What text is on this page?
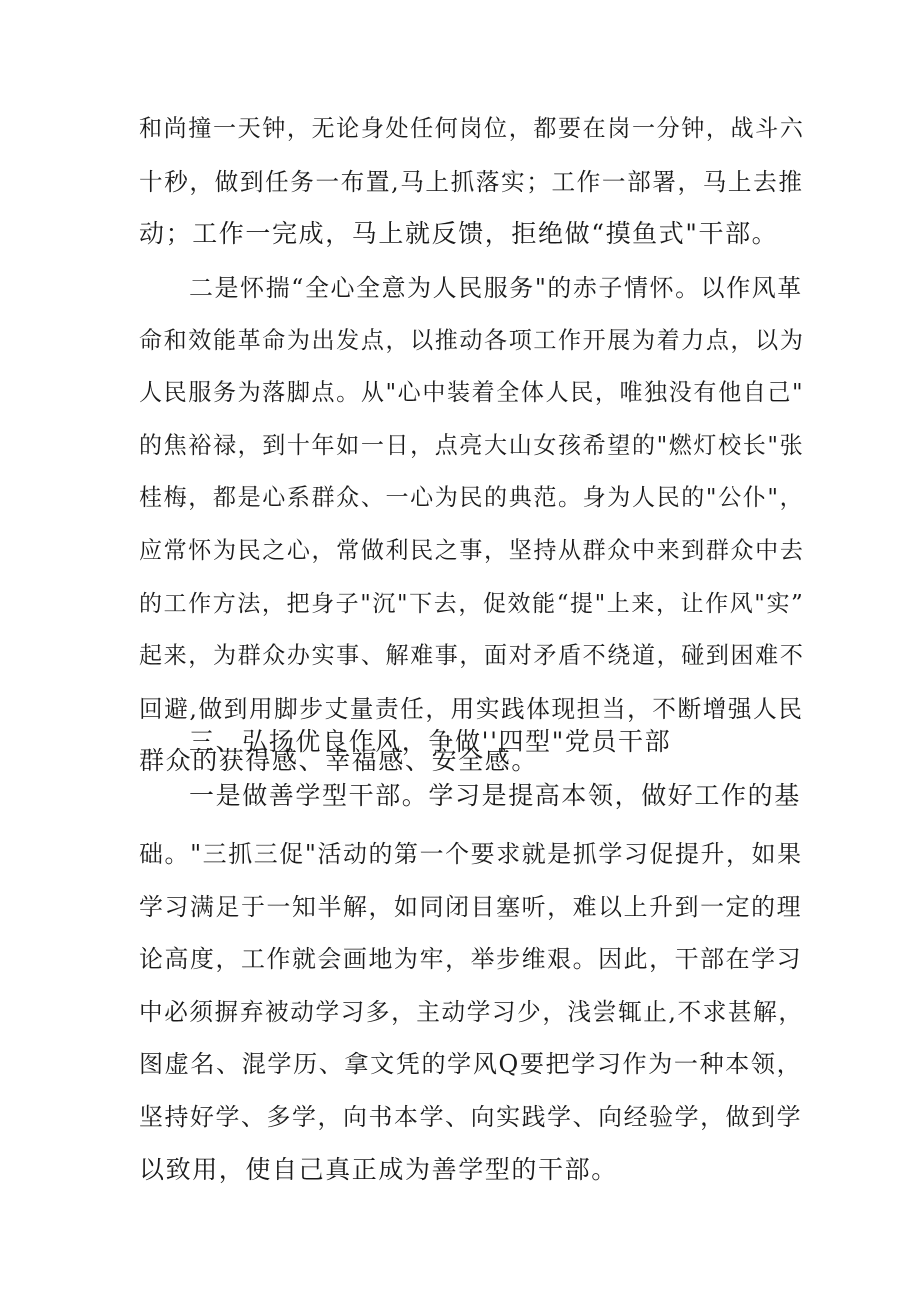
和尚撞一天钟，无论身处任何岗位，都要在岗一分钟，战斗六
十秒，做到任务一布置,马上抓落实；工作一部署，马上去推
动；工作一完成，马上就反馈，拒绝做“摸鱼式"干部。
二是怀揣“全心全意为人民服务"的赤子情怀。以作风革
命和效能革命为出发点，以推动各项工作开展为着力点，以为
人民服务为落脚点。从"心中装着全体人民，唯独没有他自己"
的焦裕禄，到十年如一日，点亮大山女孩希望的"燃灯校长"张
桂梅，都是心系群众、一心为民的典范。身为人民的"公仆"，
应常怀为民之心，常做利民之事，坚持从群众中来到群众中去
的工作方法，把身子"沉"下去，促效能“提"上来，让作风"实”
起来，为群众办实事、解难事，面对矛盾不绕道，碰到困难不
回避,做到用脚步丈量责任，用实践体现担当，不断增强人民
群众的获得感、幸福感、安全感。
三、弘扬优良作风，争做''四型"党员干部
一是做善学型干部。学习是提高本领，做好工作的基
础。"三抓三促"活动的第一个要求就是抓学习促提升，如果
学习满足于一知半解，如同闭目塞听，难以上升到一定的理
论高度，工作就会画地为牢，举步维艰。因此，干部在学习
中必须摒弃被动学习多，主动学习少，浅尝辄止,不求甚解，
图虚名、混学历、拿文凭的学风Q要把学习作为一种本领，
坚持好学、多学，向书本学、向实践学、向经验学，做到学
以致用，使自己真正成为善学型的干部。
